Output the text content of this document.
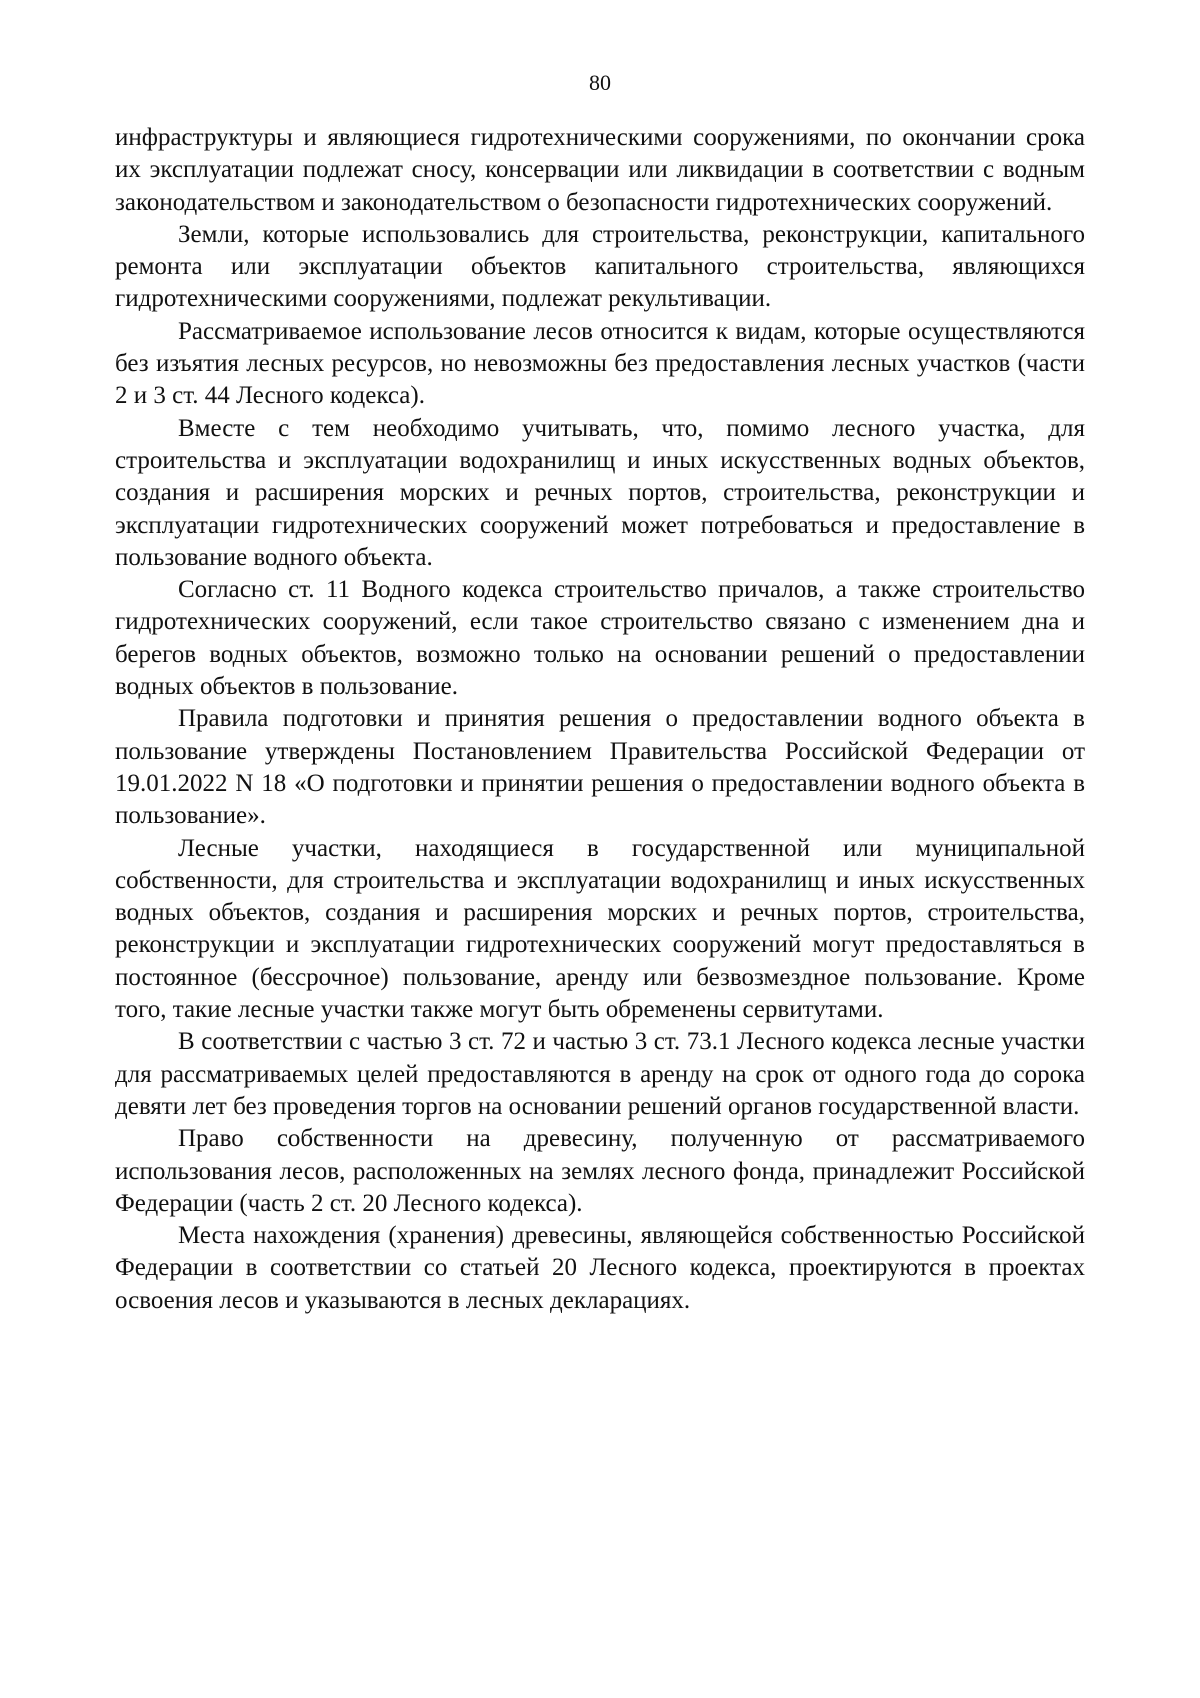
80

инфраструктуры и являющиеся гидротехническими сооружениями, по окончании срока их эксплуатации подлежат сносу, консервации или ликвидации в соответствии с водным законодательством и законодательством о безопасности гидротехнических сооружений.

Земли, которые использовались для строительства, реконструкции, капитального ремонта или эксплуатации объектов капитального строительства, являющихся гидротехническими сооружениями, подлежат рекультивации.

Рассматриваемое использование лесов относится к видам, которые осуществляются без изъятия лесных ресурсов, но невозможны без предоставления лесных участков (части 2 и 3 ст. 44 Лесного кодекса).

Вместе с тем необходимо учитывать, что, помимо лесного участка, для строительства и эксплуатации водохранилищ и иных искусственных водных объектов, создания и расширения морских и речных портов, строительства, реконструкции и эксплуатации гидротехнических сооружений может потребоваться и предоставление в пользование водного объекта.

Согласно ст. 11 Водного кодекса строительство причалов, а также строительство гидротехнических сооружений, если такое строительство связано с изменением дна и берегов водных объектов, возможно только на основании решений о предоставлении водных объектов в пользование.

Правила подготовки и принятия решения о предоставлении водного объекта в пользование утверждены Постановлением Правительства Российской Федерации от 19.01.2022 N 18 «О подготовки и принятии решения о предоставлении водного объекта в пользование».

Лесные участки, находящиеся в государственной или муниципальной собственности, для строительства и эксплуатации водохранилищ и иных искусственных водных объектов, создания и расширения морских и речных портов, строительства, реконструкции и эксплуатации гидротехнических сооружений могут предоставляться в постоянное (бессрочное) пользование, аренду или безвозмездное пользование. Кроме того, такие лесные участки также могут быть обременены сервитутами.

В соответствии с частью 3 ст. 72 и частью 3 ст. 73.1 Лесного кодекса лесные участки для рассматриваемых целей предоставляются в аренду на срок от одного года до сорока девяти лет без проведения торгов на основании решений органов государственной власти.

Право собственности на древесину, полученную от рассматриваемого использования лесов, расположенных на землях лесного фонда, принадлежит Российской Федерации (часть 2 ст. 20 Лесного кодекса).

Места нахождения (хранения) древесины, являющейся собственностью Российской Федерации в соответствии со статьей 20 Лесного кодекса, проектируются в проектах освоения лесов и указываются в лесных декларациях.
